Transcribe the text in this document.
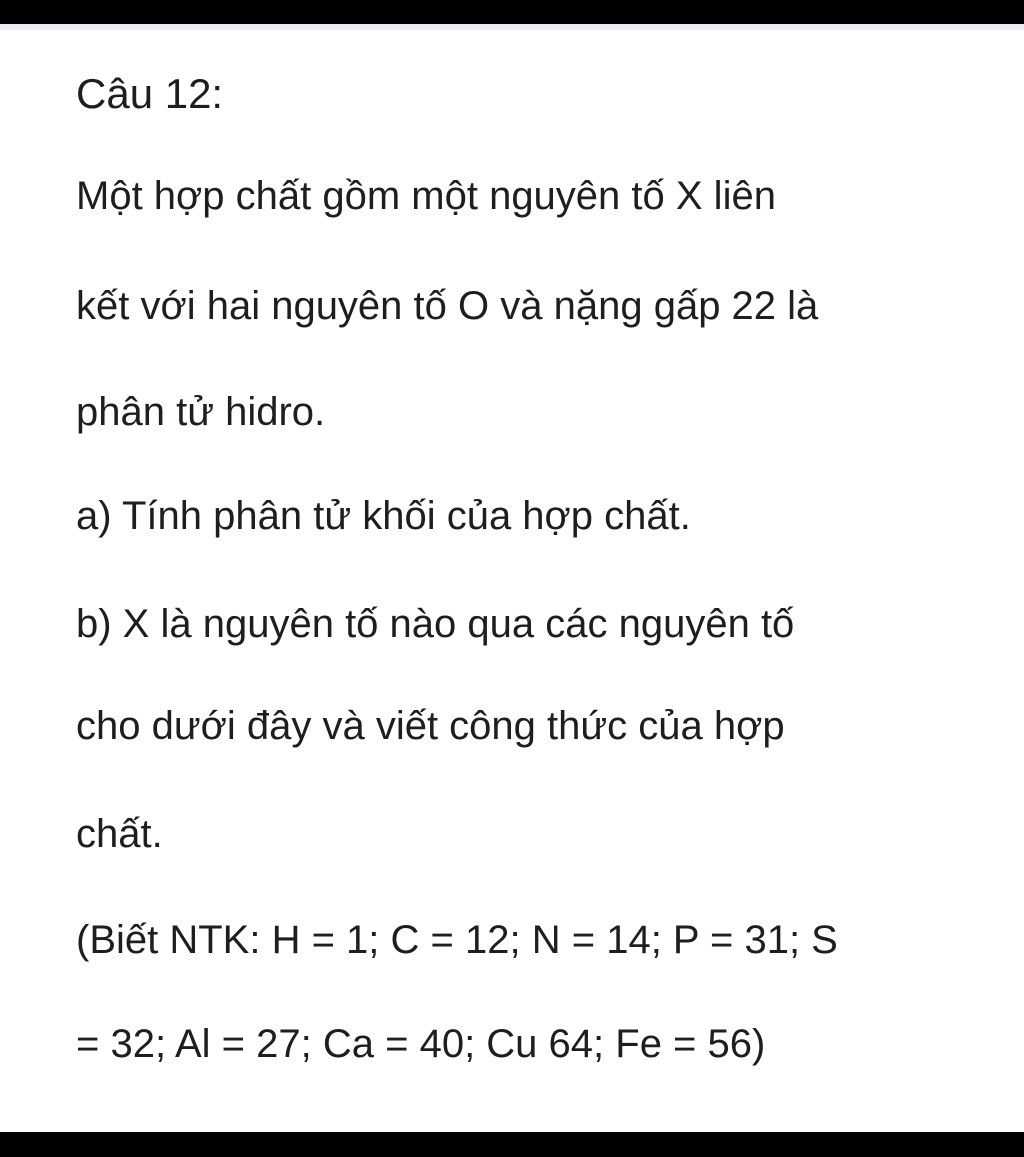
Câu 12:
Một hợp chất gồm một nguyên tố X liên
kết với hai nguyên tố O và nặng gấp 22 là
phân tử hidro.
a) Tính phân tử khối của hợp chất.
b) X là nguyên tố nào qua các nguyên tố
cho dưới đây và viết công thức của hợp
chất.
(Biết NTK: H = 1; C = 12; N = 14; P = 31; S
= 32; Al = 27; Ca = 40; Cu 64; Fe = 56)
